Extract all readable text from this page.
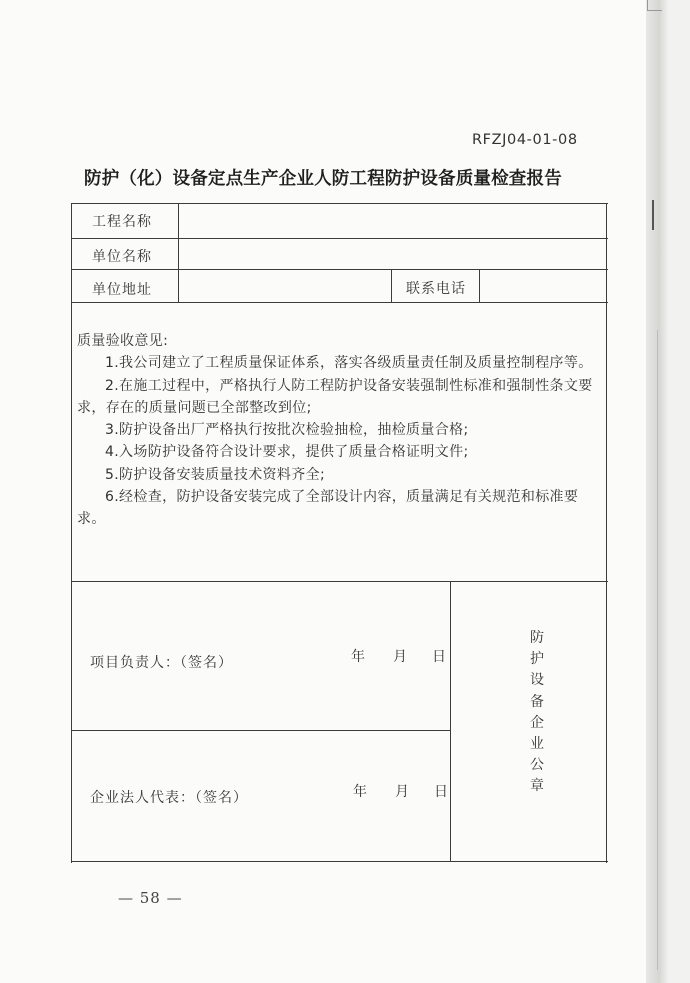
RFZJ04-01-08
防护（化）设备定点生产企业人防工程防护设备质量检查报告
工程名称
单位名称
单位地址	联系电话
质量验收意见:
1.我公司建立了工程质量保证体系，落实各级质量责任制及质量控制程序等。
2.在施工过程中，严格执行人防工程防护设备安装强制性标准和强制性条文要求，存在的质量问题已全部整改到位;
3.防护设备出厂严格执行按批次检验抽检，抽检质量合格;
4.入场防护设备符合设计要求，提供了质量合格证明文件;
5.防护设备安装质量技术资料齐全;
6.经检查，防护设备安装完成了全部设计内容，质量满足有关规范和标准要求。
项目负责人：（签名）	年 月 日
企业法人代表：（签名）	年 月 日
防
护
设
备
企
业
公
章
— 58 —
